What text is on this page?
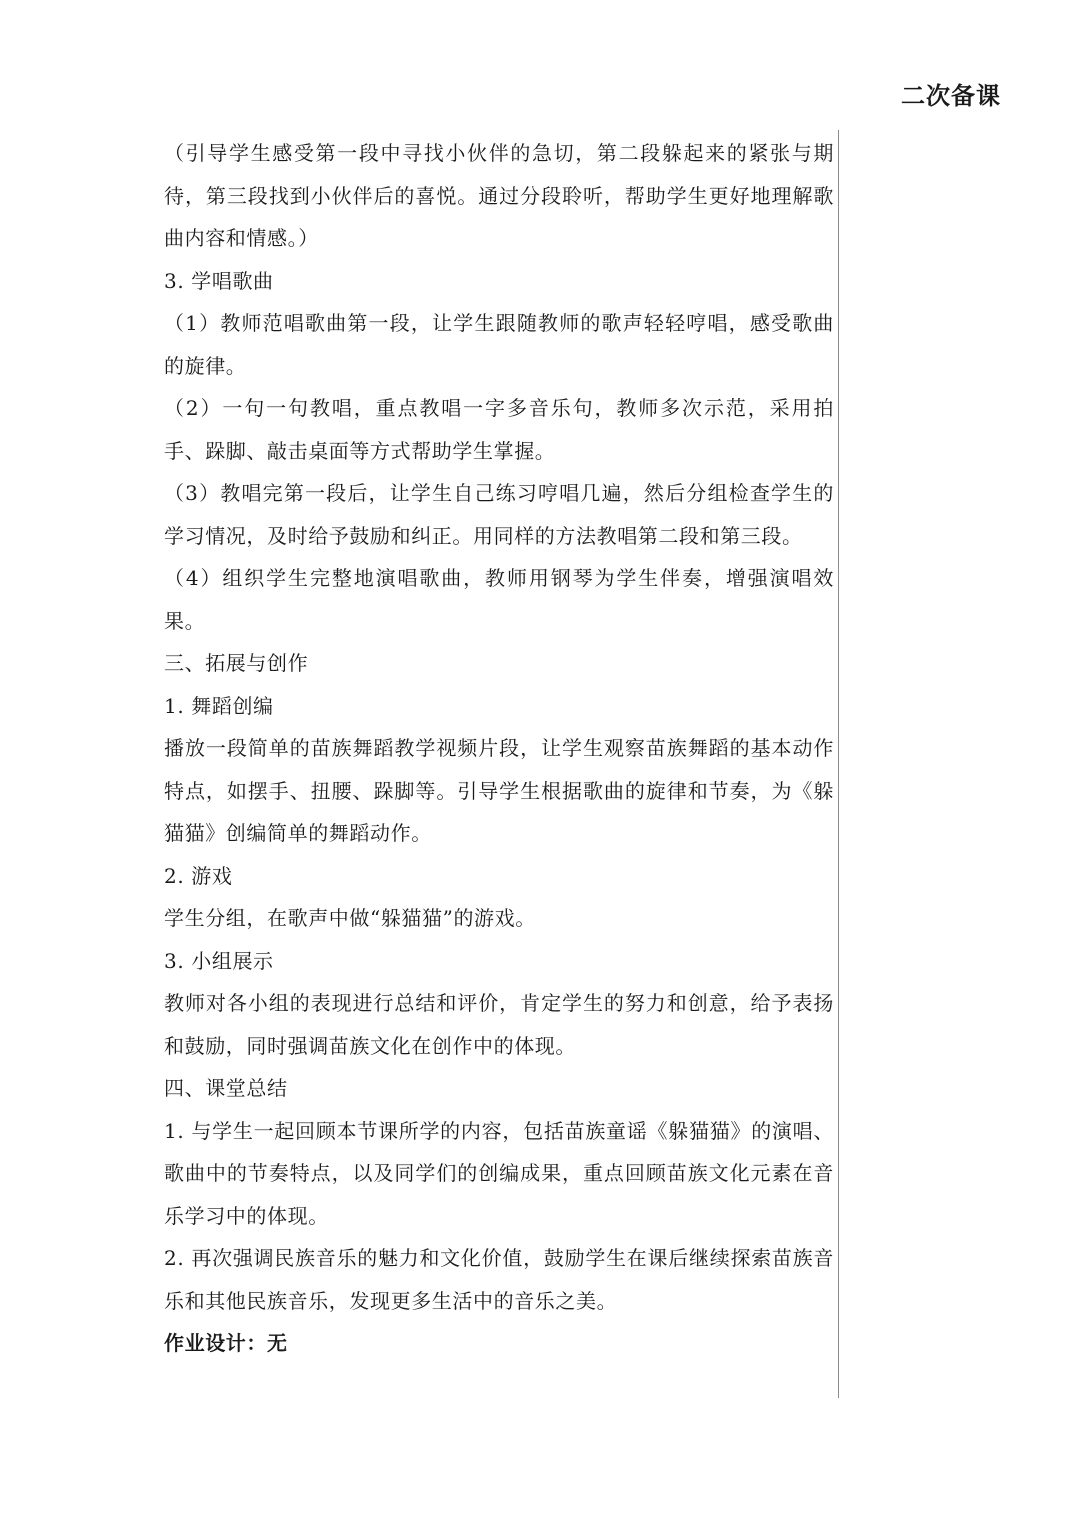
二次备课

（引导学生感受第一段中寻找小伙伴的急切，第二段躲起来的紧张与期待，第三段找到小伙伴后的喜悦。通过分段聆听，帮助学生更好地理解歌曲内容和情感。）

3. 学唱歌曲

（1）教师范唱歌曲第一段，让学生跟随教师的歌声轻轻哼唱，感受歌曲的旋律。

（2）一句一句教唱，重点教唱一字多音乐句，教师多次示范，采用拍手、跺脚、敲击桌面等方式帮助学生掌握。

（3）教唱完第一段后，让学生自己练习哼唱几遍，然后分组检查学生的学习情况，及时给予鼓励和纠正。用同样的方法教唱第二段和第三段。

（4）组织学生完整地演唱歌曲，教师用钢琴为学生伴奏，增强演唱效果。

三、拓展与创作

1. 舞蹈创编

播放一段简单的苗族舞蹈教学视频片段，让学生观察苗族舞蹈的基本动作特点，如摆手、扭腰、跺脚等。引导学生根据歌曲的旋律和节奏，为《躲猫猫》创编简单的舞蹈动作。

2. 游戏

学生分组，在歌声中做“躲猫猫”的游戏。

3. 小组展示

教师对各小组的表现进行总结和评价，肯定学生的努力和创意，给予表扬和鼓励，同时强调苗族文化在创作中的体现。

四、课堂总结

1. 与学生一起回顾本节课所学的内容，包括苗族童谣《躲猫猫》的演唱、歌曲中的节奏特点，以及同学们的创编成果，重点回顾苗族文化元素在音乐学习中的体现。

2. 再次强调民族音乐的魅力和文化价值，鼓励学生在课后继续探索苗族音乐和其他民族音乐，发现更多生活中的音乐之美。

作业设计：无
